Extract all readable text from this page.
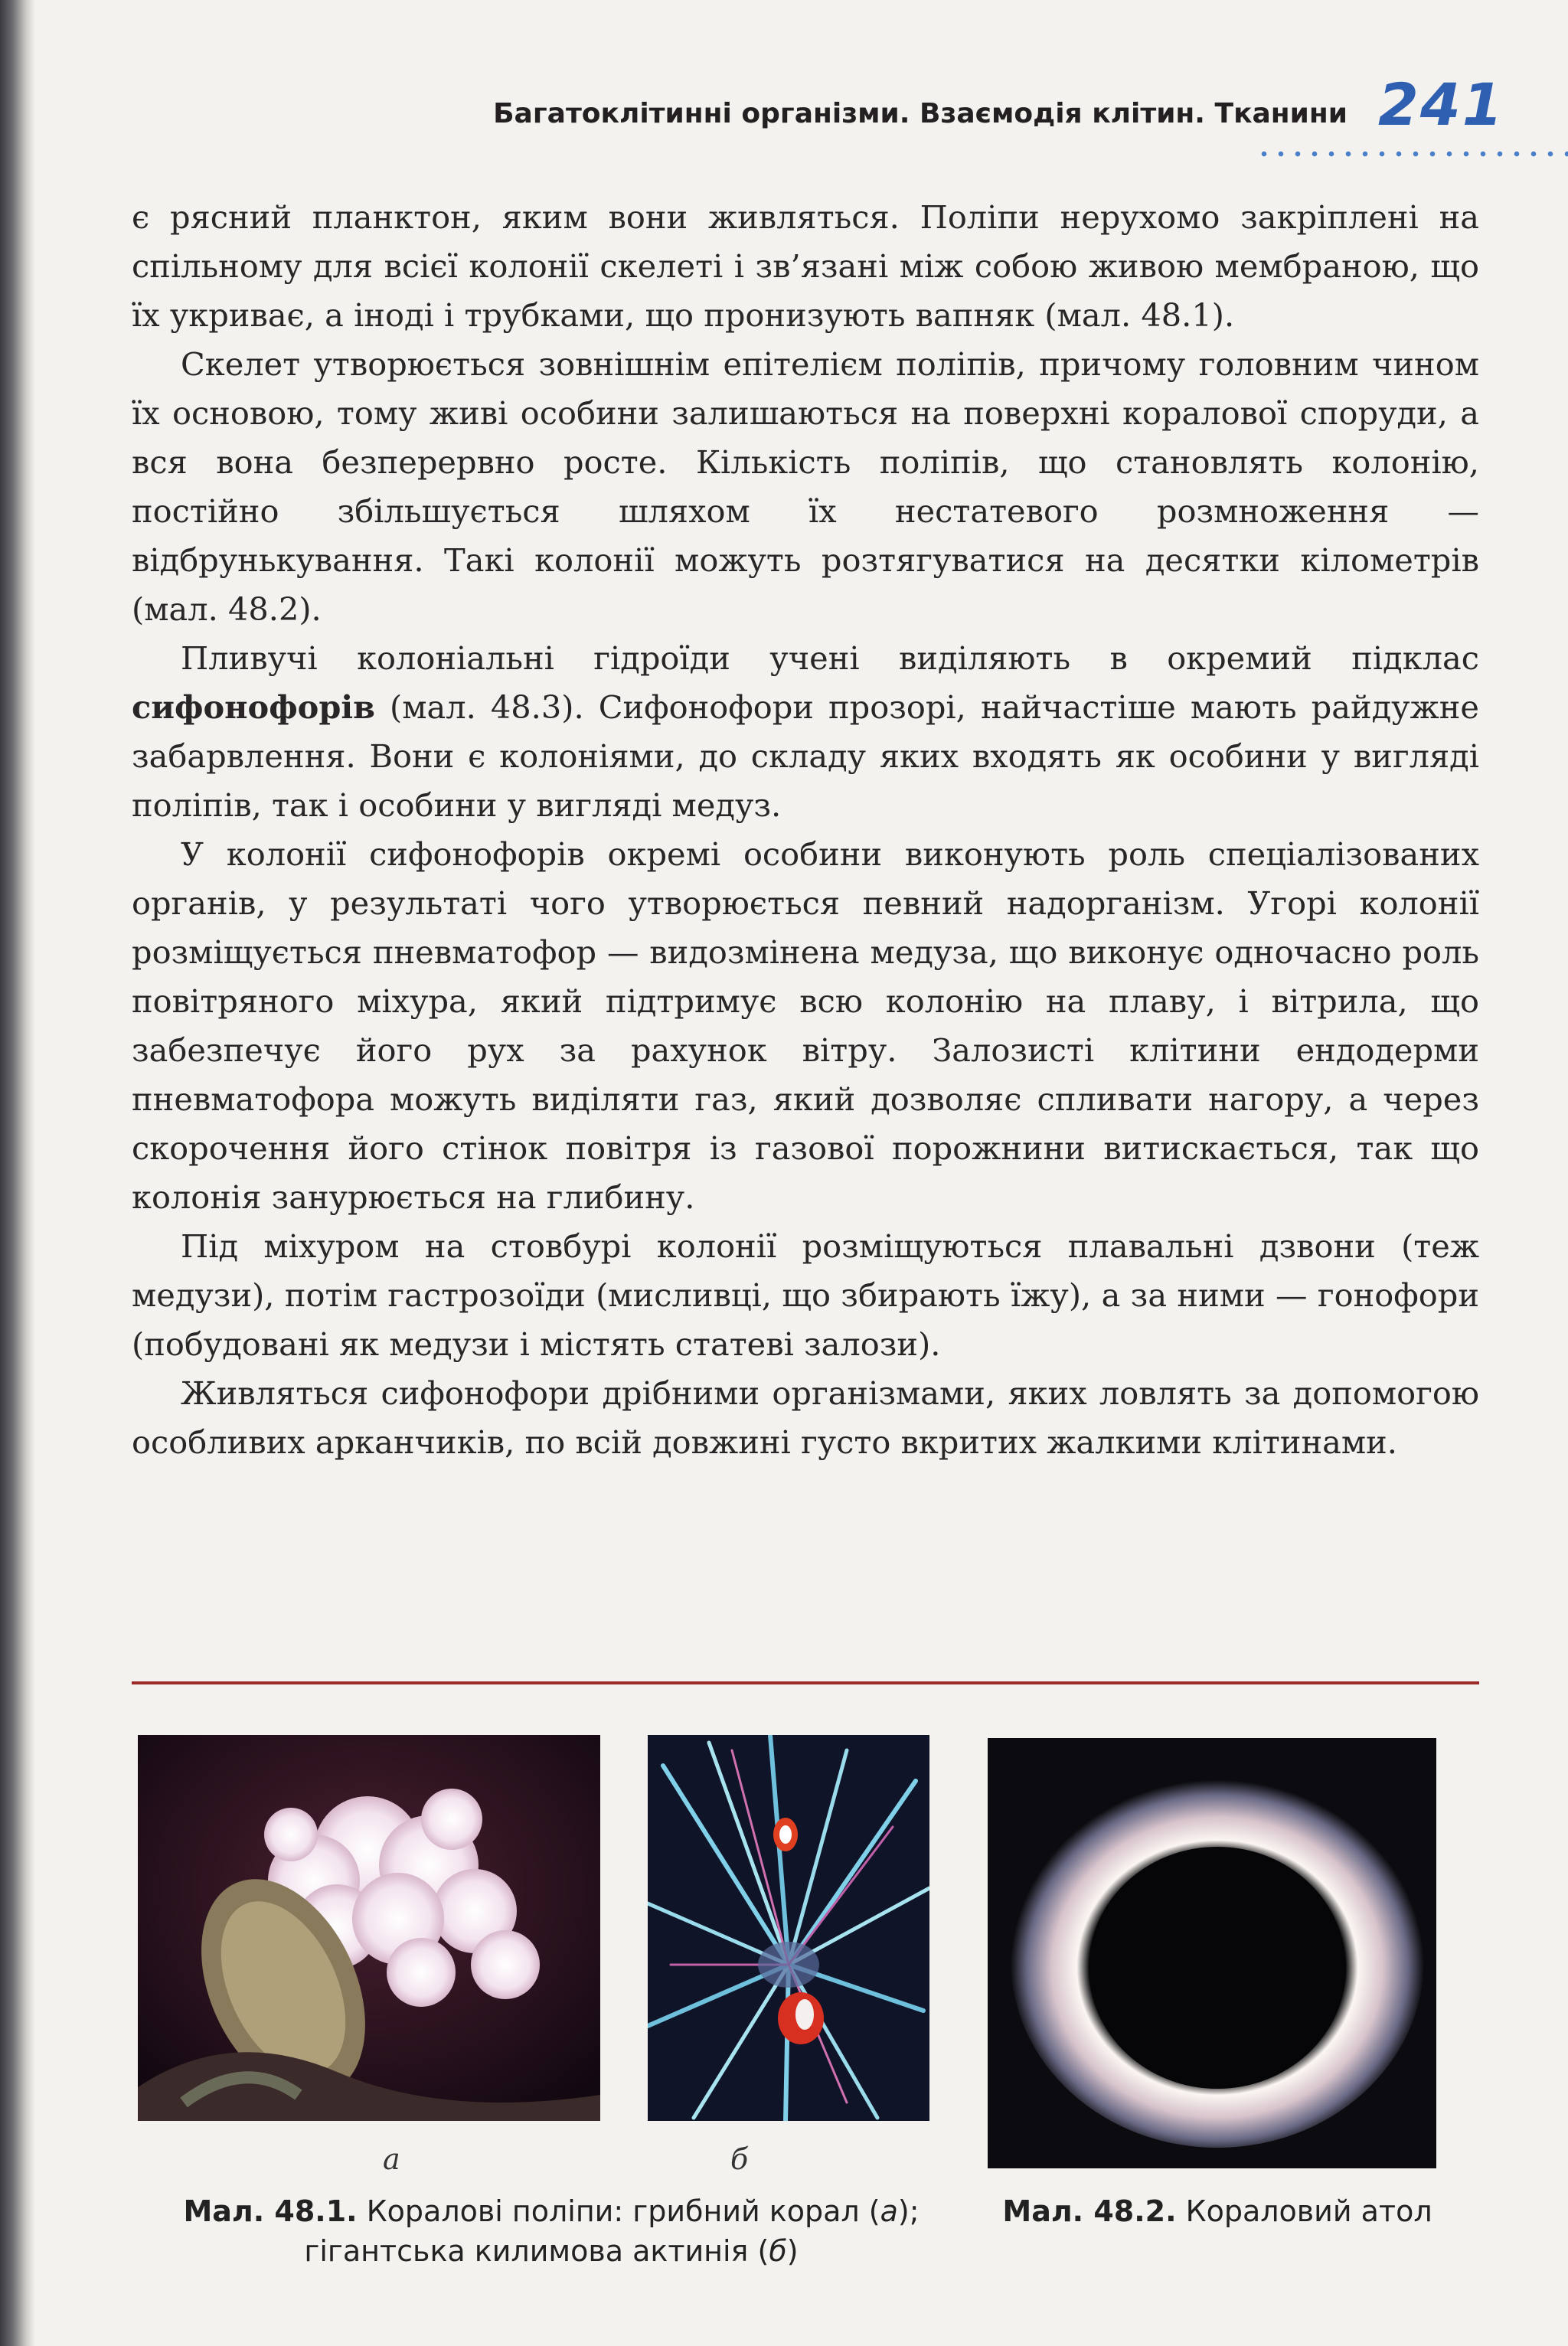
Багатоклітинні організми. Взаємодія клітин. Тканини 241

є рясний планктон, яким вони живляться. Поліпи нерухомо закріплені на спільному для всієї колонії скелеті і зв’язані між собою живою мембраною, що їх укриває, а іноді і трубками, що пронизують вапняк (мал. 48.1).

Скелет утворюється зовнішнім епітелієм поліпів, причому головним чином їх основою, тому живі особини залишаються на поверхні коралової споруди, а вся вона безперервно росте. Кількість поліпів, що становлять колонію, постійно збільшується шляхом їх нестатевого розмноження — відбрунькування. Такі колонії можуть розтягуватися на десятки кілометрів (мал. 48.2).

Пливучі колоніальні гідроїди учені виділяють в окремий підклас сифонофорів (мал. 48.3). Сифонофори прозорі, найчастіше мають райдужне забарвлення. Вони є колоніями, до складу яких входять як особини у вигляді поліпів, так і особини у вигляді медуз.

У колонії сифонофорів окремі особини виконують роль спеціалізованих органів, у результаті чого утворюється певний надорганізм. Угорі колонії розміщується пневматофор — видозмінена медуза, що виконує одночасно роль повітряного міхура, який підтримує всю колонію на плаву, і вітрила, що забезпечує його рух за рахунок вітру. Залозисті клітини ендодерми пневматофора можуть виділяти газ, який дозволяє спливати нагору, а через скорочення його стінок повітря із газової порожнини витискається, так що колонія занурюється на глибину.

Під міхуром на стовбурі колонії розміщуються плавальні дзвони (теж медузи), потім гастрозоїди (мисливці, що збирають їжу), а за ними — гонофори (побудовані як медузи і містять статеві залози).

Живляться сифонофори дрібними організмами, яких ловлять за допомогою особливих арканчиків, по всій довжині густо вкритих жалкими клітинами.

а	б
Мал. 48.1. Коралові поліпи: грибний корал (а);
гігантська килимова актинія (б)
Мал. 48.2. Кораловий атол
